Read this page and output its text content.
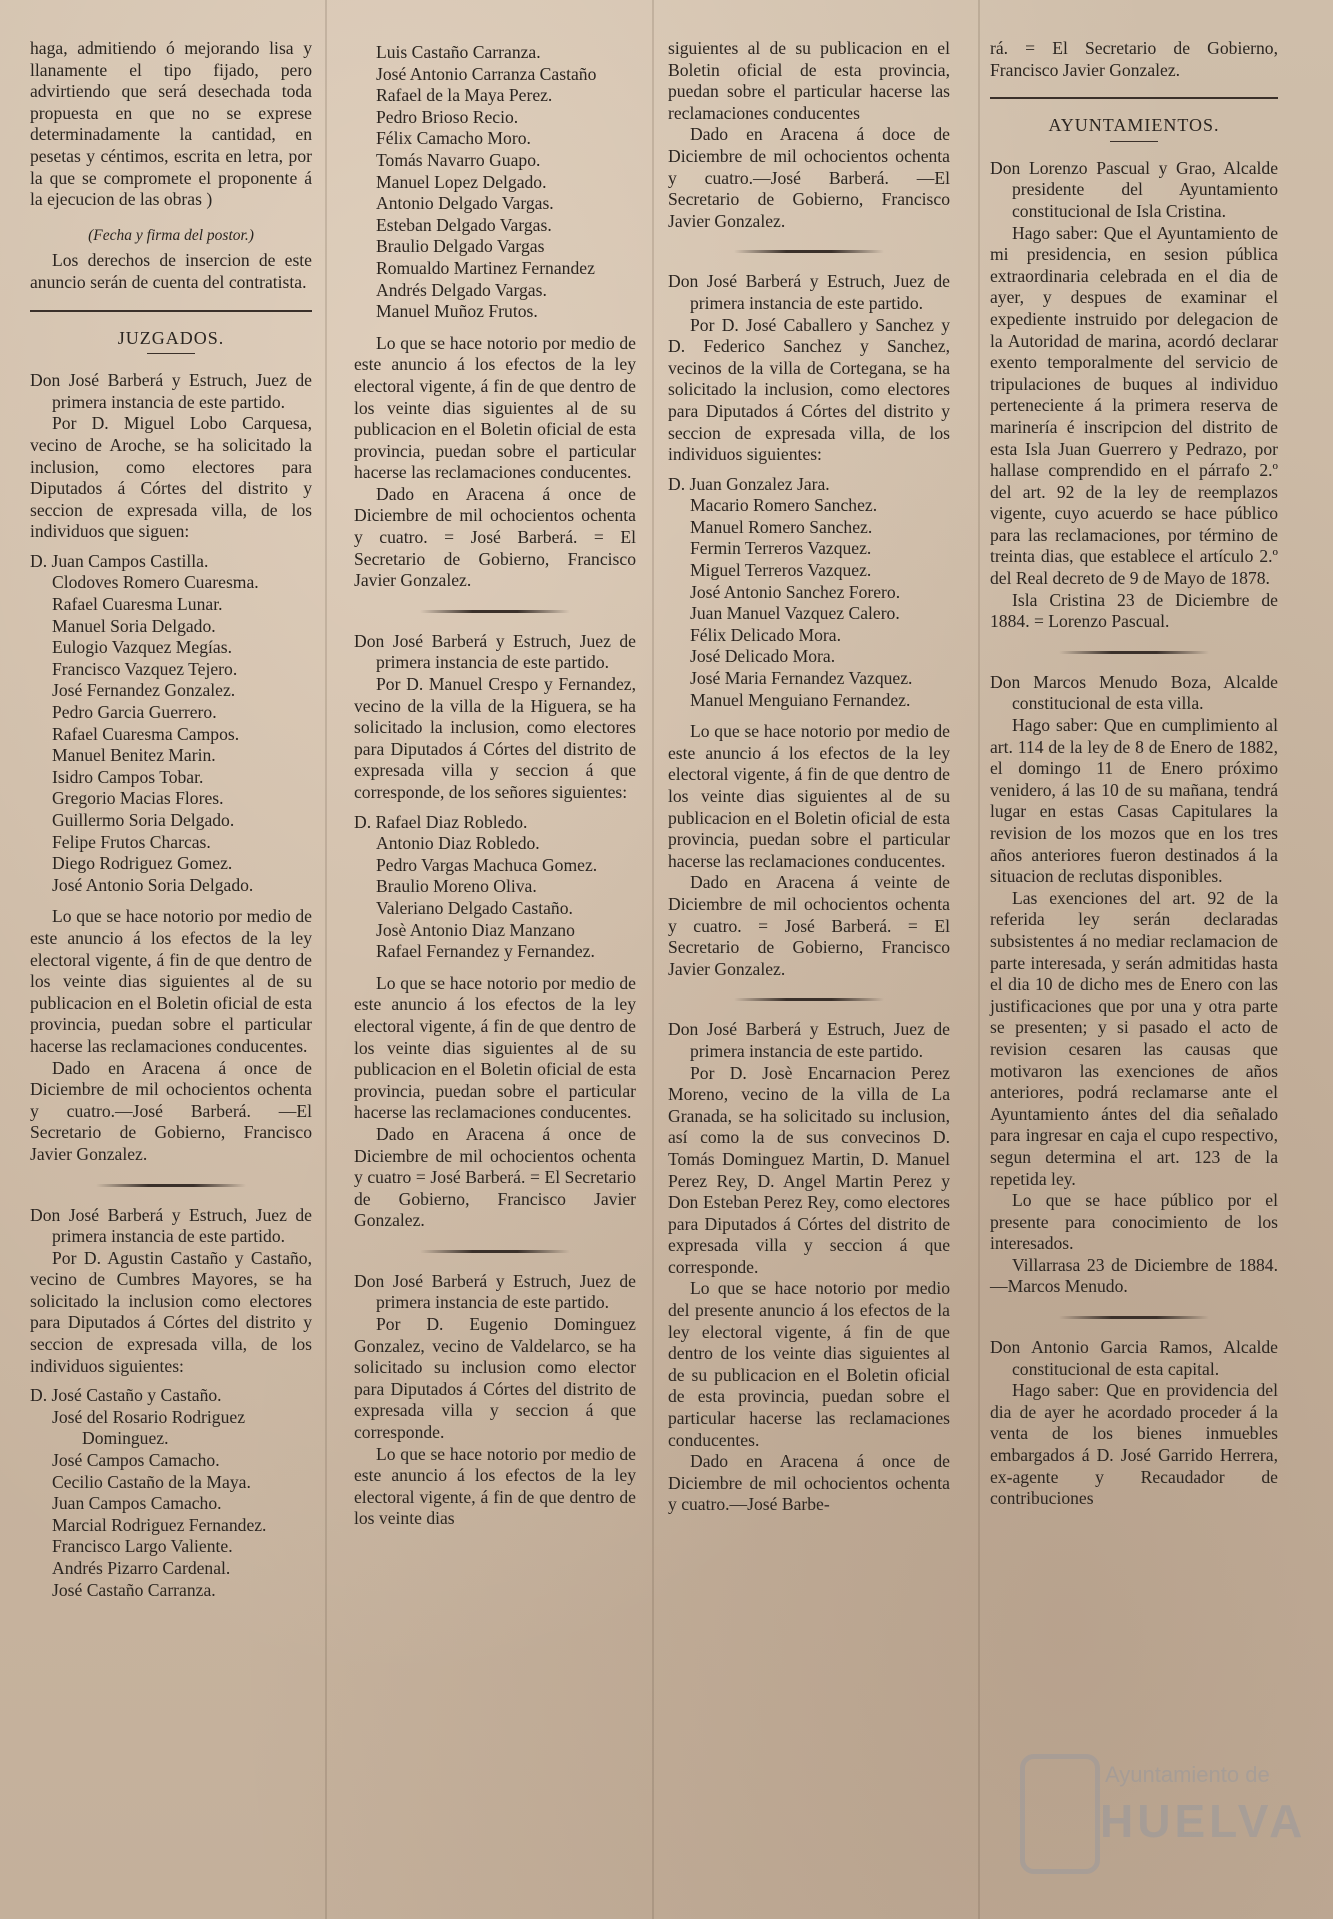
haga, admitiendo ó mejorando lisa y llanamente el tipo fijado, pero advirtiendo que será desechada toda propuesta en que no se exprese determinadamente la cantidad, en pesetas y céntimos, escrita en letra, por la que se compromete el proponente á la ejecucion de las obras )

(Fecha y firma del postor.)

Los derechos de insercion de este anuncio serán de cuenta del contratista.

JUZGADOS.

Don José Barberá y Estruch, Juez de primera instancia de este partido.

Por D. Miguel Lobo Carquesa, vecino de Aroche, se ha solicitado la inclusion, como electores para Diputados á Córtes del distrito y seccion de expresada villa, de los individuos que siguen:

D. Juan Campos Castilla.
Clodoves Romero Cuaresma.
Rafael Cuaresma Lunar.
Manuel Soria Delgado.
Eulogio Vazquez Megías.
Francisco Vazquez Tejero.
José Fernandez Gonzalez.
Pedro Garcia Guerrero.
Rafael Cuaresma Campos.
Manuel Benitez Marin.
Isidro Campos Tobar.
Gregorio Macias Flores.
Guillermo Soria Delgado.
Felipe Frutos Charcas.
Diego Rodriguez Gomez.
José Antonio Soria Delgado.

Lo que se hace notorio por medio de este anuncio á los efectos de la ley electoral vigente, á fin de que dentro de los veinte dias siguientes al de su publicacion en el Boletin oficial de esta provincia, puedan sobre el particular hacerse las reclamaciones conducentes.

Dado en Aracena á once de Diciembre de mil ochocientos ochenta y cuatro.—José Barberá. —El Secretario de Gobierno, Francisco Javier Gonzalez.

Don José Barberá y Estruch, Juez de primera instancia de este partido.

Por D. Agustin Castaño y Castaño, vecino de Cumbres Mayores, se ha solicitado la inclusion como electores para Diputados á Córtes del distrito y seccion de expresada villa, de los individuos siguientes:

D. José Castaño y Castaño.
José del Rosario Rodriguez
Dominguez.
José Campos Camacho.
Cecilio Castaño de la Maya.
Juan Campos Camacho.
Marcial Rodriguez Fernandez.
Francisco Largo Valiente.
Andrés Pizarro Cardenal.
José Castaño Carranza.
Luis Castaño Carranza.
José Antonio Carranza Castaño
Rafael de la Maya Perez.
Pedro Brioso Recio.
Félix Camacho Moro.
Tomás Navarro Guapo.
Manuel Lopez Delgado.
Antonio Delgado Vargas.
Esteban Delgado Vargas.
Braulio Delgado Vargas
Romualdo Martinez Fernandez
Andrés Delgado Vargas.
Manuel Muñoz Frutos.

Lo que se hace notorio por medio de este anuncio á los efectos de la ley electoral vigente, á fin de que dentro de los veinte dias siguientes al de su publicacion en el Boletin oficial de esta provincia, puedan sobre el particular hacerse las reclamaciones conducentes.

Dado en Aracena á once de Diciembre de mil ochocientos ochenta y cuatro. = José Barberá. = El Secretario de Gobierno, Francisco Javier Gonzalez.

Don José Barberá y Estruch, Juez de primera instancia de este partido.

Por D. Manuel Crespo y Fernandez, vecino de la villa de la Higuera, se ha solicitado la inclusion, como electores para Diputados á Córtes del distrito de expresada villa y seccion á que corresponde, de los señores siguientes:

D. Rafael Diaz Robledo.
Antonio Diaz Robledo.
Pedro Vargas Machuca Gomez.
Braulio Moreno Oliva.
Valeriano Delgado Castaño.
Josè Antonio Diaz Manzano
Rafael Fernandez y Fernandez.

Lo que se hace notorio por medio de este anuncio á los efectos de la ley electoral vigente, á fin de que dentro de los veinte dias siguientes al de su publicacion en el Boletin oficial de esta provincia, puedan sobre el particular hacerse las reclamaciones conducentes.

Dado en Aracena á once de Diciembre de mil ochocientos ochenta y cuatro = José Barberá. = El Secretario de Gobierno, Francisco Javier Gonzalez.

Don José Barberá y Estruch, Juez de primera instancia de este partido.

Por D. Eugenio Dominguez Gonzalez, vecino de Valdelarco, se ha solicitado su inclusion como elector para Diputados á Córtes del distrito de expresada villa y seccion á que corresponde.

Lo que se hace notorio por medio de este anuncio á los efectos de la ley electoral vigente, á fin de que dentro de los veinte dias

siguientes al de su publicacion en el Boletin oficial de esta provincia, puedan sobre el particular hacerse las reclamaciones conducentes

Dado en Aracena á doce de Diciembre de mil ochocientos ochenta y cuatro.—José Barberá. —El Secretario de Gobierno, Francisco Javier Gonzalez.

Don José Barberá y Estruch, Juez de primera instancia de este partido.

Por D. José Caballero y Sanchez y D. Federico Sanchez y Sanchez, vecinos de la villa de Cortegana, se ha solicitado la inclusion, como electores para Diputados á Córtes del distrito y seccion de expresada villa, de los individuos siguientes:

D. Juan Gonzalez Jara.
Macario Romero Sanchez.
Manuel Romero Sanchez.
Fermin Terreros Vazquez.
Miguel Terreros Vazquez.
José Antonio Sanchez Forero.
Juan Manuel Vazquez Calero.
Félix Delicado Mora.
José Delicado Mora.
José Maria Fernandez Vazquez.
Manuel Menguiano Fernandez.

Lo que se hace notorio por medio de este anuncio á los efectos de la ley electoral vigente, á fin de que dentro de los veinte dias siguientes al de su publicacion en el Boletin oficial de esta provincia, puedan sobre el particular hacerse las reclamaciones conducentes.

Dado en Aracena á veinte de Diciembre de mil ochocientos ochenta y cuatro. = José Barberá. = El Secretario de Gobierno, Francisco Javier Gonzalez.

Don José Barberá y Estruch, Juez de primera instancia de este partido.

Por D. Josè Encarnacion Perez Moreno, vecino de la villa de La Granada, se ha solicitado su inclusion, así como la de sus convecinos D. Tomás Dominguez Martin, D. Manuel Perez Rey, D. Angel Martin Perez y Don Esteban Perez Rey, como electores para Diputados á Córtes del distrito de expresada villa y seccion á que corresponde.

Lo que se hace notorio por medio del presente anuncio á los efectos de la ley electoral vigente, á fin de que dentro de los veinte dias siguientes al de su publicacion en el Boletin oficial de esta provincia, puedan sobre el particular hacerse las reclamaciones conducentes.

Dado en Aracena á once de Diciembre de mil ochocientos ochenta y cuatro.—José Barbe-

rá. = El Secretario de Gobierno, Francisco Javier Gonzalez.

AYUNTAMIENTOS.

Don Lorenzo Pascual y Grao, Alcalde presidente del Ayuntamiento constitucional de Isla Cristina.

Hago saber: Que el Ayuntamiento de mi presidencia, en sesion pública extraordinaria celebrada en el dia de ayer, y despues de examinar el expediente instruido por delegacion de la Autoridad de marina, acordó declarar exento temporalmente del servicio de tripulaciones de buques al individuo perteneciente á la primera reserva de marinería é inscripcion del distrito de esta Isla Juan Guerrero y Pedrazo, por hallase comprendido en el párrafo 2.º del art. 92 de la ley de reemplazos vigente, cuyo acuerdo se hace público para las reclamaciones, por término de treinta dias, que establece el artículo 2.º del Real decreto de 9 de Mayo de 1878.

Isla Cristina 23 de Diciembre de 1884. = Lorenzo Pascual.

Don Marcos Menudo Boza, Alcalde constitucional de esta villa.

Hago saber: Que en cumplimiento al art. 114 de la ley de 8 de Enero de 1882, el domingo 11 de Enero próximo venidero, á las 10 de su mañana, tendrá lugar en estas Casas Capitulares la revision de los mozos que en los tres años anteriores fueron destinados á la situacion de reclutas disponibles.

Las exenciones del art. 92 de la referida ley serán declaradas subsistentes á no mediar reclamacion de parte interesada, y serán admitidas hasta el dia 10 de dicho mes de Enero con las justificaciones que por una y otra parte se presenten; y si pasado el acto de revision cesaren las causas que motivaron las exenciones de años anteriores, podrá reclamarse ante el Ayuntamiento ántes del dia señalado para ingresar en caja el cupo respectivo, segun determina el art. 123 de la repetida ley.

Lo que se hace público por el presente para conocimiento de los interesados.

Villarrasa 23 de Diciembre de 1884.—Marcos Menudo.

Don Antonio Garcia Ramos, Alcalde constitucional de esta capital.

Hago saber: Que en providencia del dia de ayer he acordado proceder á la venta de los bienes inmuebles embargados á D. José Garrido Herrera, ex-agente y Recaudador de contribuciones

Ayuntamiento de
HUELVA
